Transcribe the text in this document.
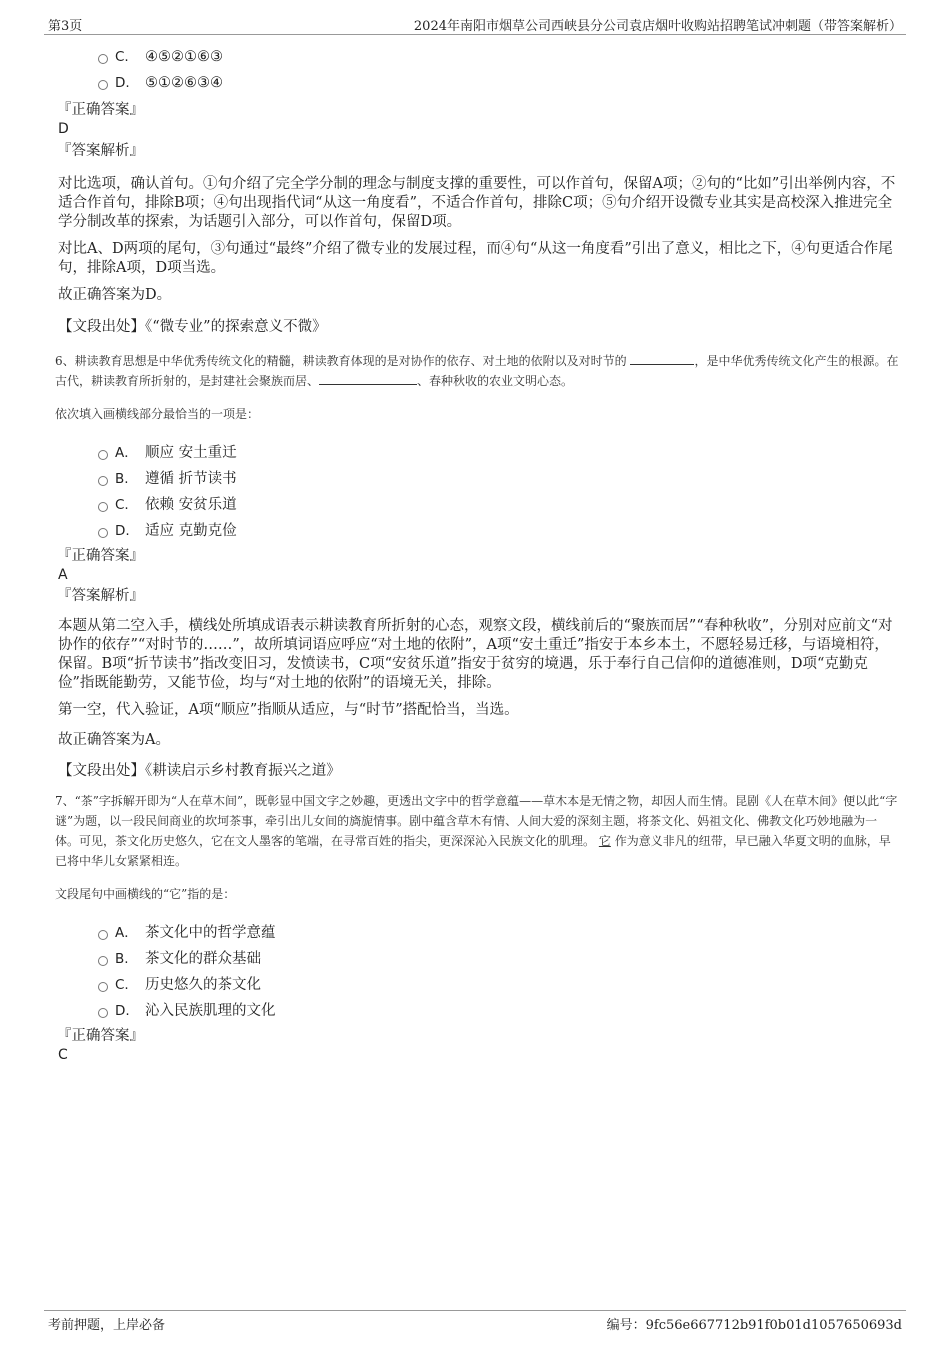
第3页	2024年南阳市烟草公司西峡县分公司袁店烟叶收购站招聘笔试冲刺题（带答案解析）
C. ④⑤②①⑥③
D. ⑤①②⑥③④
『正确答案』
D
『答案解析』

对比选项，确认首句。①句介绍了完全学分制的理念与制度支撑的重要性，可以作首句，保留A项；②句的“比如”引出举例内容，不适合作首句，排除B项；④句出现指代词“从这一角度看”，不适合作首句，排除C项；⑤句介绍开设微专业其实是高校深入推进完全学分制改革的探索，为话题引入部分，可以作首句，保留D项。

对比A、D两项的尾句，③句通过“最终”介绍了微专业的发展过程，而④句“从这一角度看”引出了意义，相比之下，④句更适合作尾句，排除A项，D项当选。

故正确答案为D。

【文段出处】《“微专业”的探索意义不微》

6、耕读教育思想是中华优秀传统文化的精髓，耕读教育体现的是对协作的依存、对土地的依附以及对时节的	，是中华优秀传统文化产生的根源。在古代，耕读教育所折射的，是封建社会聚族而居、	、春种秋收的农业文明心态。

依次填入画横线部分最恰当的一项是：

A． 顺应 安土重迁
B. 遵循 折节读书
C. 依赖 安贫乐道
D. 适应 克勤克俭
『正确答案』
A
『答案解析』

本题从第二空入手，横线处所填成语表示耕读教育所折射的心态，观察文段，横线前后的“聚族而居”“春种秋收”，分别对应前文“对协作的依存”“对时节的……”，故所填词语应呼应“对土地的依附”，A项“安土重迁”指安于本乡本土，不愿轻易迁移，与语境相符，保留。B项“折节读书”指改变旧习，发愤读书，C项“安贫乐道”指安于贫穷的境遇，乐于奉行自己信仰的道德准则，D项“克勤克俭”指既能勤劳，又能节俭，均与“对土地的依附”的语境无关，排除。

第一空，代入验证，A项“顺应”指顺从适应，与“时节”搭配恰当，当选。

故正确答案为A。

【文段出处】《耕读启示乡村教育振兴之道》

7、“茶”字拆解开即为“人在草木间”，既彰显中国文字之妙趣，更透出文字中的哲学意蕴——草木本是无情之物，却因人而生情。昆剧《人在草木间》便以此“字谜”为题，以一段民间商业的坎坷茶事，牵引出儿女间的旖旎情事。剧中蕴含草木有情、人间大爱的深刻主题，将茶文化、妈祖文化、佛教文化巧妙地融为一体。可见，茶文化历史悠久，它在文人墨客的笔端，在寻常百姓的指尖，更深深沁入民族文化的肌理。 它 作为意义非凡的纽带，早已融入华夏文明的血脉，早已将中华儿女紧紧相连。

文段尾句中画横线的“它”指的是：

A． 茶文化中的哲学意蕴
B. 茶文化的群众基础
C. 历史悠久的茶文化
D. 沁入民族肌理的文化
『正确答案』
C
考前押题，上岸必备	编号：9fc56e667712b91f0b01d1057650693d
